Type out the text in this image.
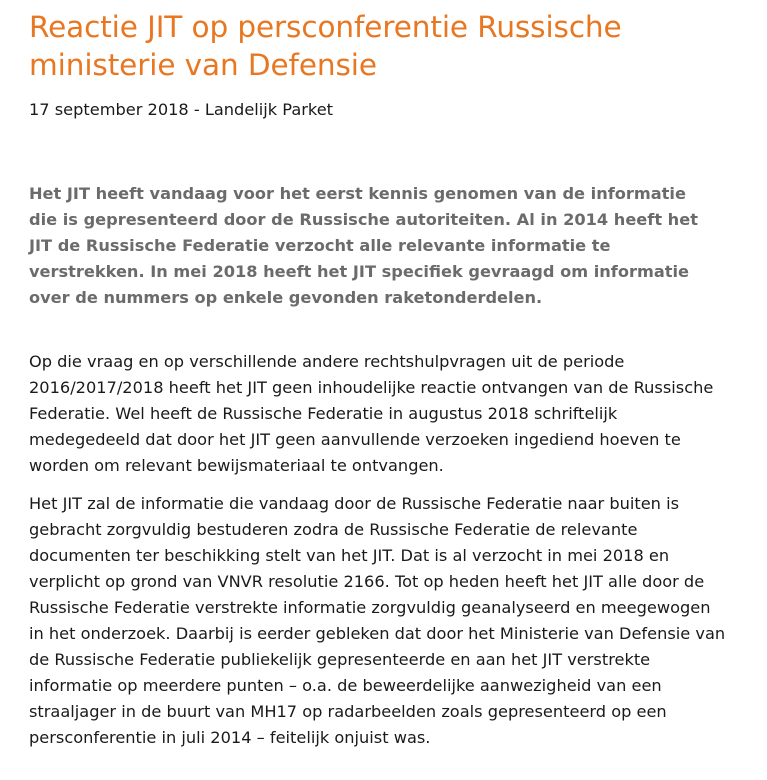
Reactie JIT op persconferentie Russische ministerie van Defensie
17 september 2018 - Landelijk Parket

Het JIT heeft vandaag voor het eerst kennis genomen van de informatie die is gepresenteerd door de Russische autoriteiten. Al in 2014 heeft het JIT de Russische Federatie verzocht alle relevante informatie te verstrekken. In mei 2018 heeft het JIT specifiek gevraagd om informatie over de nummers op enkele gevonden raketonderdelen.

Op die vraag en op verschillende andere rechtshulpvragen uit de periode 2016/2017/2018 heeft het JIT geen inhoudelijke reactie ontvangen van de Russische Federatie. Wel heeft de Russische Federatie in augustus 2018 schriftelijk medegedeeld dat door het JIT geen aanvullende verzoeken ingediend hoeven te worden om relevant bewijsmateriaal te ontvangen.

Het JIT zal de informatie die vandaag door de Russische Federatie naar buiten is gebracht zorgvuldig bestuderen zodra de Russische Federatie de relevante documenten ter beschikking stelt van het JIT. Dat is al verzocht in mei 2018 en verplicht op grond van VNVR resolutie 2166. Tot op heden heeft het JIT alle door de Russische Federatie verstrekte informatie zorgvuldig geanalyseerd en meegewogen in het onderzoek. Daarbij is eerder gebleken dat door het Ministerie van Defensie van de Russische Federatie publiekelijk gepresenteerde en aan het JIT verstrekte informatie op meerdere punten – o.a. de beweerdelijke aanwezigheid van een straaljager in de buurt van MH17 op radarbeelden zoals gepresenteerd op een persconferentie in juli 2014 – feitelijk onjuist was.
